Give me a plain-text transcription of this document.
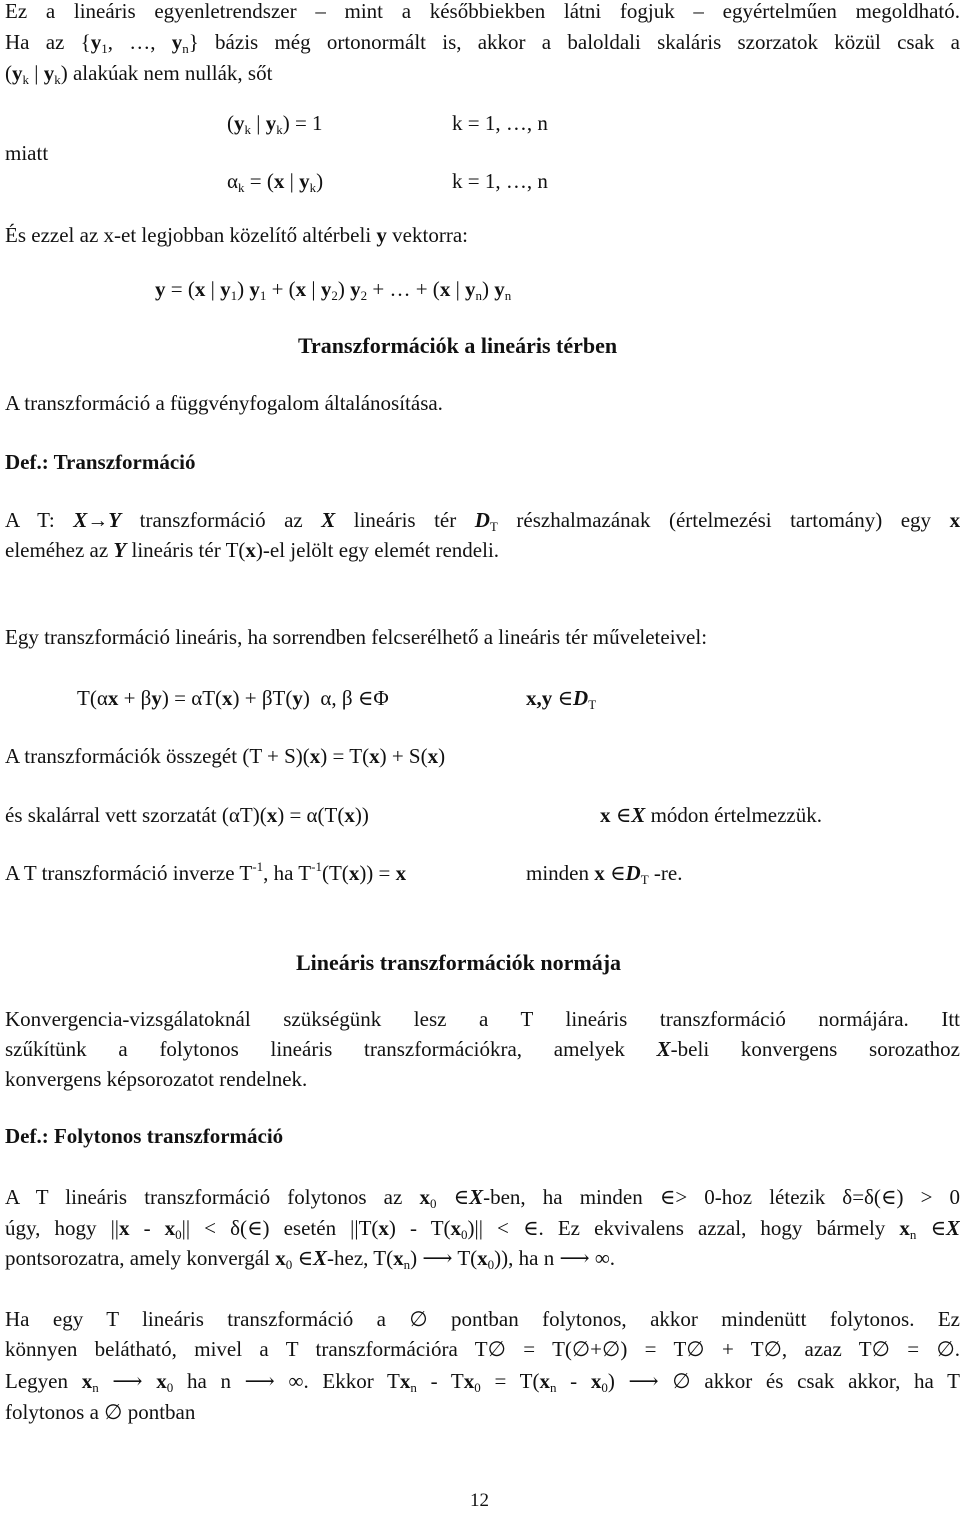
Ez a lineáris egyenletrendszer – mint a későbbiekben látni fogjuk – egyértelműen megoldható.
Ha az {$y_1$, …, $y_n$} bázis még ortonormált is, akkor a baloldali skaláris szorzatok közül csak a
($y_k$ | $y_k$) alakúak nem nullák, sőt
($y_k$ | $y_k) = 1$	k = 1, …, n
miatt
$\alpha_k = (x$ | $y_k$)	k = 1, …, n
És ezzel az x-et legjobban közelítő altérbeli y vektorra:
y = (x | $y_1$) $y_1 + (x$ | $y_2$) $y_2$ + … + (x | $y_n$) $y_n$
Transzformációk a lineáris térben
A transzformáció a függvényfogalom általánosítása.
Def.: Transzformáció
A T: X→Y transzformáció az X lineáris tér $D_T$ részhalmazának (értelmezési tartomány) egy x
eleméhez az Y lineáris tér T(x)-el jelölt egy elemét rendeli.
Egy transzformáció lineáris, ha sorrendben felcserélhető a lineáris tér műveleteivel:
T(αx + βy) = αT(x) + βT(y)  α, β ∈Φ	x,y $\in D_T$
A transzformációk összegét (T + S)(x) = T(x) + S(x)
és skalárral vett szorzatát (αT)(x) = α(T(x))	x ∈X módon értelmezzük.
A T transzformáció inverze $T^{-1}$, ha $T^{-1}(T(x)) = x$	minden x $\in D_T$ -re.
Lineáris transzformációk normája
Konvergencia-vizsgálatoknál szükségünk lesz a T lineáris transzformáció normájára. Itt
szűkítünk a folytonos lineáris transzformációkra, amelyek X-beli konvergens sorozathoz
konvergens képsorozatot rendelnek.
Def.: Folytonos transzformáció
A T lineáris transzformáció folytonos az $x_0$ ∈X-ben, ha minden ∈> 0-hoz létezik δ=δ(∈) > 0
úgy, hogy $||x - x_0||$ < δ(∈) esetén $||T(x) - T(x_0)||$ < ∈. Ez ekvivalens azzal, hogy bármely $x_n$ ∈X
pontsorozatra, amely konvergál $x_0$ ∈X-hez, $T(x_n)$ ⟶ $T(x_0)$), ha n ⟶ ∞.
Ha egy T lineáris transzformáció a ∅ pontban folytonos, akkor mindenütt folytonos. Ez
könnyen belátható, mivel a T transzformációra T∅ = T(∅+∅) = T∅ + T∅, azaz T∅ = ∅.
Legyen $x_n$ ⟶ $x_0$ ha n ⟶ ∞. Ekkor $Tx_n - Tx_0 = T(x_n - x_0)$ ⟶ ∅ akkor és csak akkor, ha T
folytonos a ∅ pontban
12
